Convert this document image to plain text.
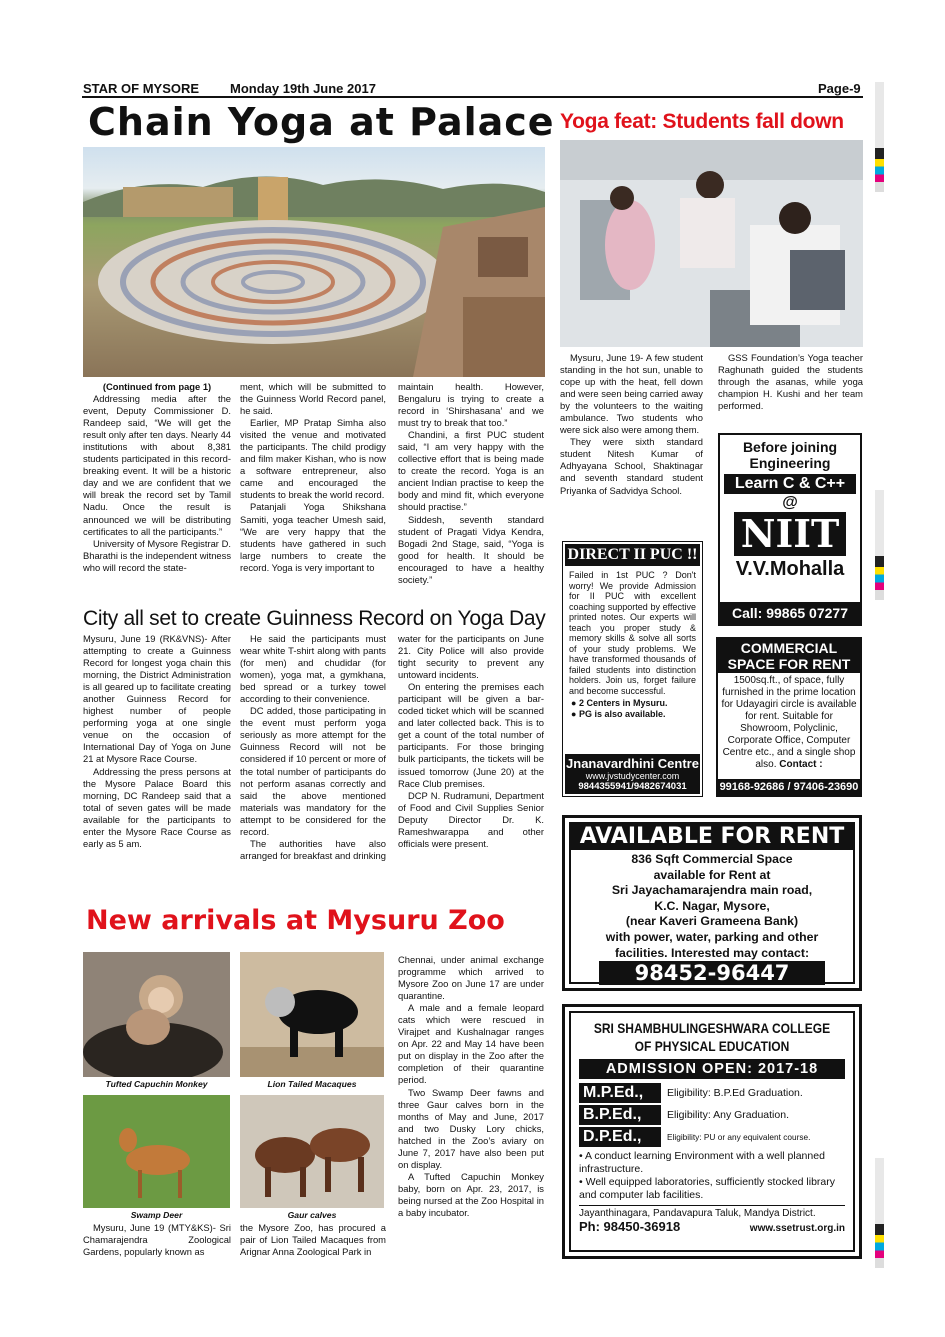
STAR OF MYSORE Monday 19th June 2017	Page-9
Chain Yoga at Palace

(Continued from page 1)

Addressing media after the event, Deputy Commissioner D. Randeep said, “We will get the result only after ten days. Nearly 44 institutions with about 8,381 students participated in this record-breaking event. It will be a historic day and we are confident that we will break the record set by Tamil Nadu. Once the result is announced we will be distributing certificates to all the participants.”

University of Mysore Registrar D. Bharathi is the independent witness who will record the state-

ment, which will be submitted to the Guinness World Record panel, he said.

Earlier, MP Pratap Simha also visited the venue and motivated the participants. The child prodigy and film maker Kishan, who is now a software entrepreneur, also came and encouraged the students to break the world record.

Patanjali Yoga Shikshana Samiti, yoga teacher Umesh said, “We are very happy that the students have gathered in such large numbers to create the record. Yoga is very important to

maintain health. However, Bengaluru is trying to create a record in ‘Shirshasana’ and we must try to break that too.”

Chandini, a first PUC student said, “I am very happy with the collective effort that is being made to create the record. Yoga is an ancient Indian practise to keep the body and mind fit, which everyone should practise.”

Siddesh, seventh standard student of Pragati Vidya Kendra, Bogadi 2nd Stage, said, “Yoga is good for health. It should be encouraged to have a healthy society.”

City all set to create Guinness Record on Yoga Day

Mysuru, June 19 (RK&VNS)- After attempting to create a Guinness Record for longest yoga chain this morning, the District Administration is all geared up to facilitate creating another Guinness Record for highest number of people performing yoga at one single venue on the occasion of International Day of Yoga on June 21 at Mysore Race Course.

Addressing the press persons at the Mysore Palace Board this morning, DC Randeep said that a total of seven gates will be made available for the participants to enter the Mysore Race Course as early as 5 am.

He said the participants must wear white T-shirt along with pants (for men) and chudidar (for women), yoga mat, a gymkhana, bed spread or a turkey towel according to their convenience.

DC added, those participating in the event must perform yoga seriously as more attempt for the Guinness Record will not be considered if 10 percent or more of the total number of participants do not perform asanas correctly and said the above mentioned materials was mandatory for the attempt to be considered for the record.

The authorities have also arranged for breakfast and drinking

water for the participants on June 21. City Police will also provide tight security to prevent any untoward incidents.

On entering the premises each participant will be given a bar-coded ticket which will be scanned and later collected back. This is to get a count of the total number of participants. For those bringing bulk participants, the tickets will be issued tomorrow (June 20) at the Race Club premises.

DCP N. Rudramuni, Department of Food and Civil Supplies Senior Deputy Director Dr. K. Rameshwarappa and other officials were present.

New arrivals at Mysuru Zoo
Tufted Capuchin Monkey	Lion Tailed Macaques
Swamp Deer	Gaur calves

Mysuru, June 19 (MTY&KS)- Sri Chamarajendra Zoological Gardens, popularly known as

the Mysore Zoo, has procured a pair of Lion Tailed Macaques from Arignar Anna Zoological Park in

Chennai, under animal exchange programme which arrived to Mysore Zoo on June 17 are under quarantine.

A male and a female leopard cats which were rescued in Virajpet and Kushalnagar ranges on Apr. 22 and May 14 have been put on display in the Zoo after the completion of their quarantine period.

Two Swamp Deer fawns and three Gaur calves born in the months of May and June, 2017 and two Dusky Lory chicks, hatched in the Zoo’s aviary on June 7, 2017 have also been put on display.

A Tufted Capuchin Monkey baby, born on Apr. 23, 2017, is being nursed at the Zoo Hospital in a baby incubator.

Yoga feat: Students fall down

Mysuru, June 19- A few student standing in the hot sun, unable to cope up with the heat, fell down and were seen being carried away by the volunteers to the waiting ambulance. Two students who were sick also were among them.

They were sixth standard student Nitesh Kumar of Adhyayana School, Shaktinagar and seventh standard student Priyanka of Sadvidya School.

GSS Foundation’s Yoga teacher Raghunath guided the students through the asanas, while yoga champion H. Kushi and her team performed.

DIRECT II PUC !!
Failed in 1st PUC ? Don't worry! We provide Admission for II PUC with excellent coaching supported by effective printed notes. Our experts will teach you proper study & memory skills & solve all sorts of your study problems. We have transformed thousands of failed students into distinction holders. Join us, forget failure and become successful.
● 2 Centers in Mysuru.
● PG is also available.
Jnanavardhini Centre
www.jvstudycenter.com
9844355941/9482674031
Before joining
Engineering
Learn C & C++
@
NIIT
V.V.Mohalla
Call: 99865 07277
COMMERCIAL
SPACE FOR RENT
1500sq.ft., of space, fully furnished in the prime location for Udayagiri circle is available for rent. Suitable for Showroom, Polyclinic, Corporate Office, Computer Centre etc., and a single shop also. Contact :
99168-92686 / 97406-23690
AVAILABLE FOR RENT
836 Sqft Commercial Space
available for Rent at
Sri Jayachamarajendra main road,
K.C. Nagar, Mysore,
(near Kaveri Grameena Bank)
with power, water, parking and other
facilities. Interested may contact:
98452-96447
SRI SHAMBHULINGESHWARA COLLEGE
OF PHYSICAL EDUCATION
ADMISSION OPEN: 2017-18
M.P.Ed.,	Eligibility: B.P.Ed Graduation.
B.P.Ed.,	Eligibility: Any Graduation.
D.P.Ed.,	Eligibility: PU or any equivalent course.
• A conduct learning Environment with a well planned infrastructure.
• Well equipped laboratories, sufficiently stocked library and computer lab facilities.
Jayanthinagara, Pandavapura Taluk, Mandya District.
Ph: 98450-36918	www.ssetrust.org.in
